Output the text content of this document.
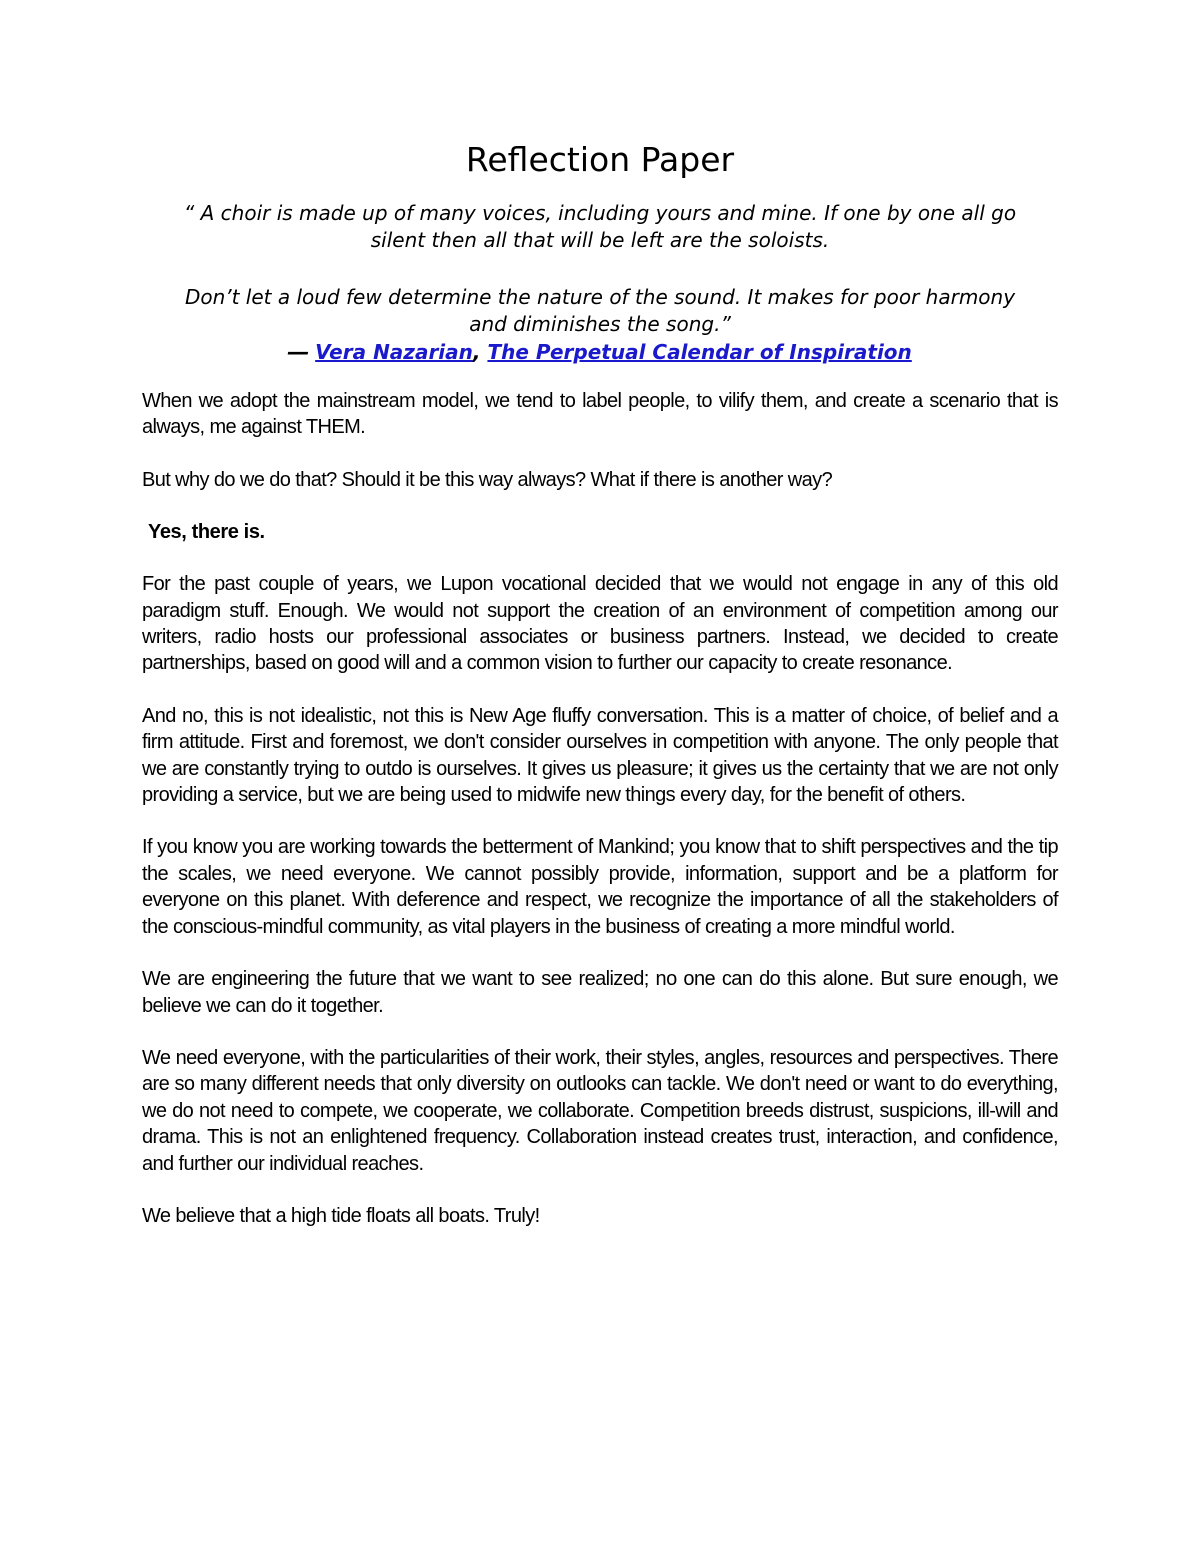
Reflection Paper

“ A choir is made up of many voices, including yours and mine. If one by one all go silent then all that will be left are the soloists.

Don’t let a loud few determine the nature of the sound. It makes for poor harmony and diminishes the song.”

― Vera Nazarian, The Perpetual Calendar of Inspiration

When we adopt the mainstream model, we tend to label people, to vilify them, and create a scenario that is always, me against THEM.

But why do we do that? Should it be this way always? What if there is another way?

Yes, there is.

For the past couple of years, we Lupon vocational decided that we would not engage in any of this old paradigm stuff. Enough. We would not support the creation of an environment of competition among our writers, radio hosts our professional associates or business partners. Instead, we decided to create partnerships, based on good will and a common vision to further our capacity to create resonance.

And no, this is not idealistic, not this is New Age fluffy conversation. This is a matter of choice, of belief and a firm attitude. First and foremost, we don't consider ourselves in competition with anyone. The only people that we are constantly trying to outdo is ourselves. It gives us pleasure; it gives us the certainty that we are not only providing a service, but we are being used to midwife new things every day, for the benefit of others.

If you know you are working towards the betterment of Mankind; you know that to shift perspectives and the tip the scales, we need everyone. We cannot possibly provide, information, support and be a platform for everyone on this planet. With deference and respect, we recognize the importance of all the stakeholders of the conscious-mindful community, as vital players in the business of creating a more mindful world.

We are engineering the future that we want to see realized; no one can do this alone. But sure enough, we believe we can do it together.

We need everyone, with the particularities of their work, their styles, angles, resources and perspectives. There are so many different needs that only diversity on outlooks can tackle. We don't need or want to do everything, we do not need to compete, we cooperate, we collaborate. Competition breeds distrust, suspicions, ill-will and drama. This is not an enlightened frequency. Collaboration instead creates trust, interaction, and confidence, and further our individual reaches.

We believe that a high tide floats all boats. Truly!
